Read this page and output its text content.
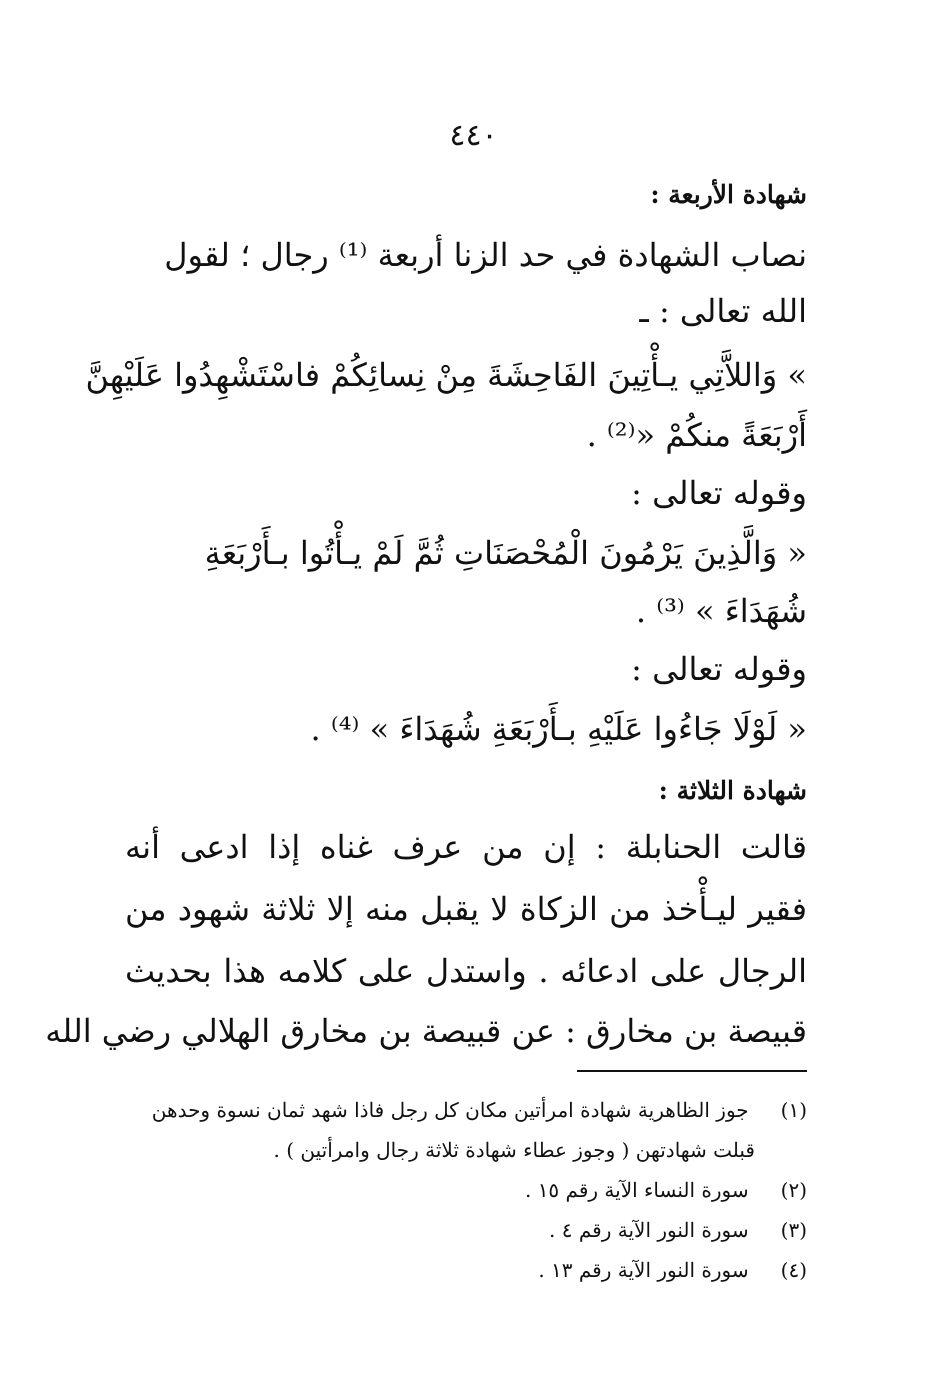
٤٤٠
شهادة الأربعة :
نصاب الشهادة في حد الزنا أربعة ⁽¹⁾ رجال ؛ لقول
الله تعالى : ـ
» وَاللاَّتِي يـأْتِينَ الفَاحِشَةَ مِنْ نِسائِكُمْ فاسْتَشْهِدُوا عَلَيْهِنَّ
أَرْبَعَةً منكُمْ «⁽²⁾ .
وقوله تعالى :
« وَالَّذِينَ يَرْمُونَ الْمُحْصَنَاتِ ثُمَّ لَمْ يـأْتُوا بـأَرْبَعَةِ
شُهَدَاءَ » ⁽³⁾ .
وقوله تعالى :
« لَوْلَا جَاءُوا عَلَيْهِ بـأَرْبَعَةِ شُهَدَاءَ » ⁽⁴⁾ .
شهادة الثلاثة :
قالت الحنابلة : إن من عرف غناه إذا ادعى أنه
فقير ليـأْخذ من الزكاة لا يقبل منه إلا ثلاثة شهود من
الرجال على ادعائه . واستدل على كلامه هذا بحديث
قبيصة بن مخارق : عن قبيصة بن مخارق الهلالي رضي الله
(١) جوز الظاهرية شهادة امرأتين مكان كل رجل فاذا شهد ثمان نسوة وحدهن
قبلت شهادتهن ( وجوز عطاء شهادة ثلاثة رجال وامرأتين ) .
(٢) سورة النساء الآية رقم ١٥ .
(٣) سورة النور الآية رقم ٤ .
(٤) سورة النور الآية رقم ١٣ .
